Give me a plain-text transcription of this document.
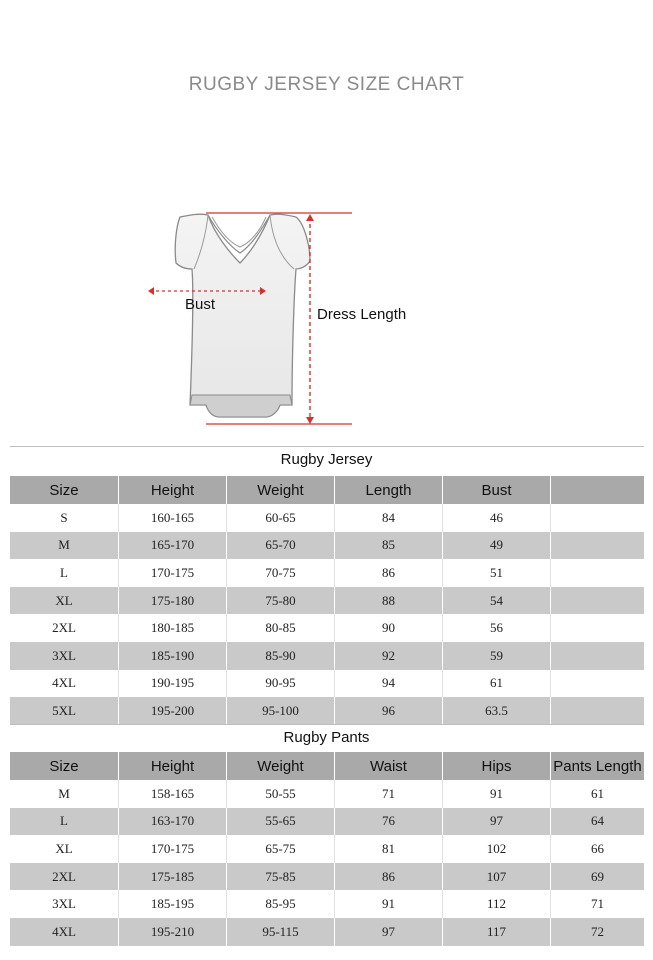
RUGBY JERSEY SIZE CHART
Bust
Dress Length
Rugby Jersey
Size	Height	Weight	Length	Bust
S	160-165	60-65	84	46
M	165-170	65-70	85	49
L	170-175	70-75	86	51
XL	175-180	75-80	88	54
2XL	180-185	80-85	90	56
3XL	185-190	85-90	92	59
4XL	190-195	90-95	94	61
5XL	195-200	95-100	96	63.5
Rugby Pants
Size	Height	Weight	Waist	Hips	Pants Length
M	158-165	50-55	71	91	61
L	163-170	55-65	76	97	64
XL	170-175	65-75	81	102	66
2XL	175-185	75-85	86	107	69
3XL	185-195	85-95	91	112	71
4XL	195-210	95-115	97	117	72
